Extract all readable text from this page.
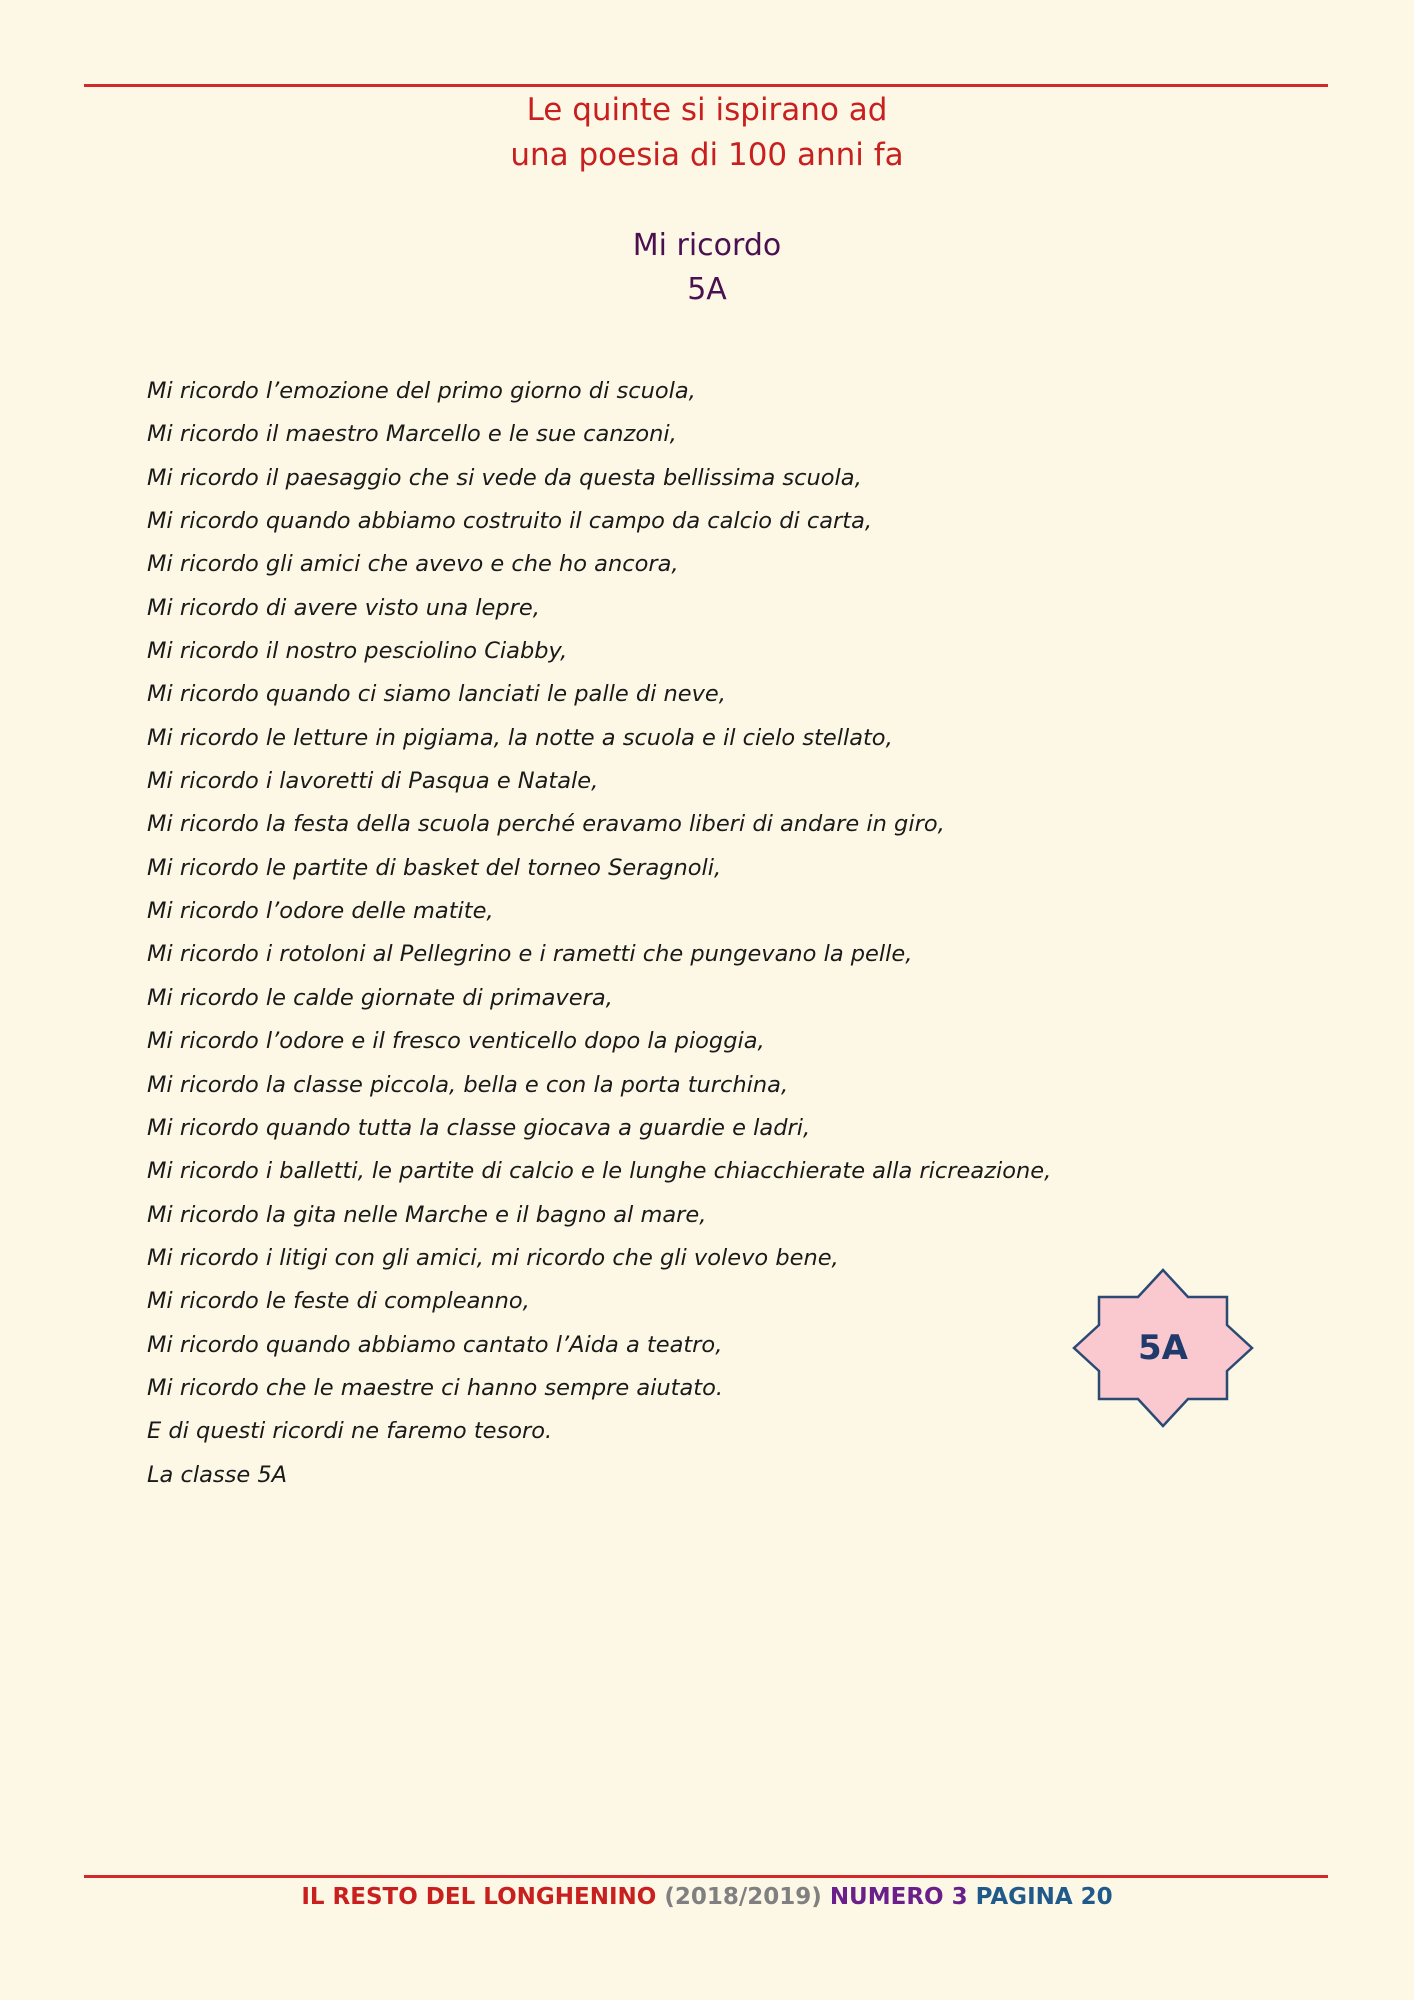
Le quinte si ispirano ad
una poesia di 100 anni fa
Mi ricordo
5A
Mi ricordo l’emozione del primo giorno di scuola,
Mi ricordo il maestro Marcello e le sue canzoni,
Mi ricordo il paesaggio che si vede da questa bellissima scuola,
Mi ricordo quando abbiamo costruito il campo da calcio di carta,
Mi ricordo gli amici che avevo e che ho ancora,
Mi ricordo di avere visto una lepre,
Mi ricordo il nostro pesciolino Ciabby,
Mi ricordo quando ci siamo lanciati le palle di neve,
Mi ricordo le letture in pigiama, la notte a scuola e il cielo stellato,
Mi ricordo i lavoretti di Pasqua e Natale,
Mi ricordo la festa della scuola perché eravamo liberi di andare in giro,
Mi ricordo le partite di basket del torneo Seragnoli,
Mi ricordo l’odore delle matite,
Mi ricordo i rotoloni al Pellegrino e i rametti che pungevano la pelle,
Mi ricordo le calde giornate di primavera,
Mi ricordo l’odore e il fresco venticello dopo la pioggia,
Mi ricordo la classe piccola, bella e con la porta turchina,
Mi ricordo quando tutta la classe giocava a guardie e ladri,
Mi ricordo i balletti, le partite di calcio e le lunghe chiacchierate alla ricreazione,
Mi ricordo la gita nelle Marche e il bagno al mare,
Mi ricordo i litigi con gli amici, mi ricordo che gli volevo bene,
Mi ricordo le feste di compleanno,
Mi ricordo quando abbiamo cantato l’Aida a teatro,
Mi ricordo che le maestre ci hanno sempre aiutato.
E di questi ricordi ne faremo tesoro.
La classe 5A
5A
IL RESTO DEL LONGHENINO (2018/2019) NUMERO 3 PAGINA 20
